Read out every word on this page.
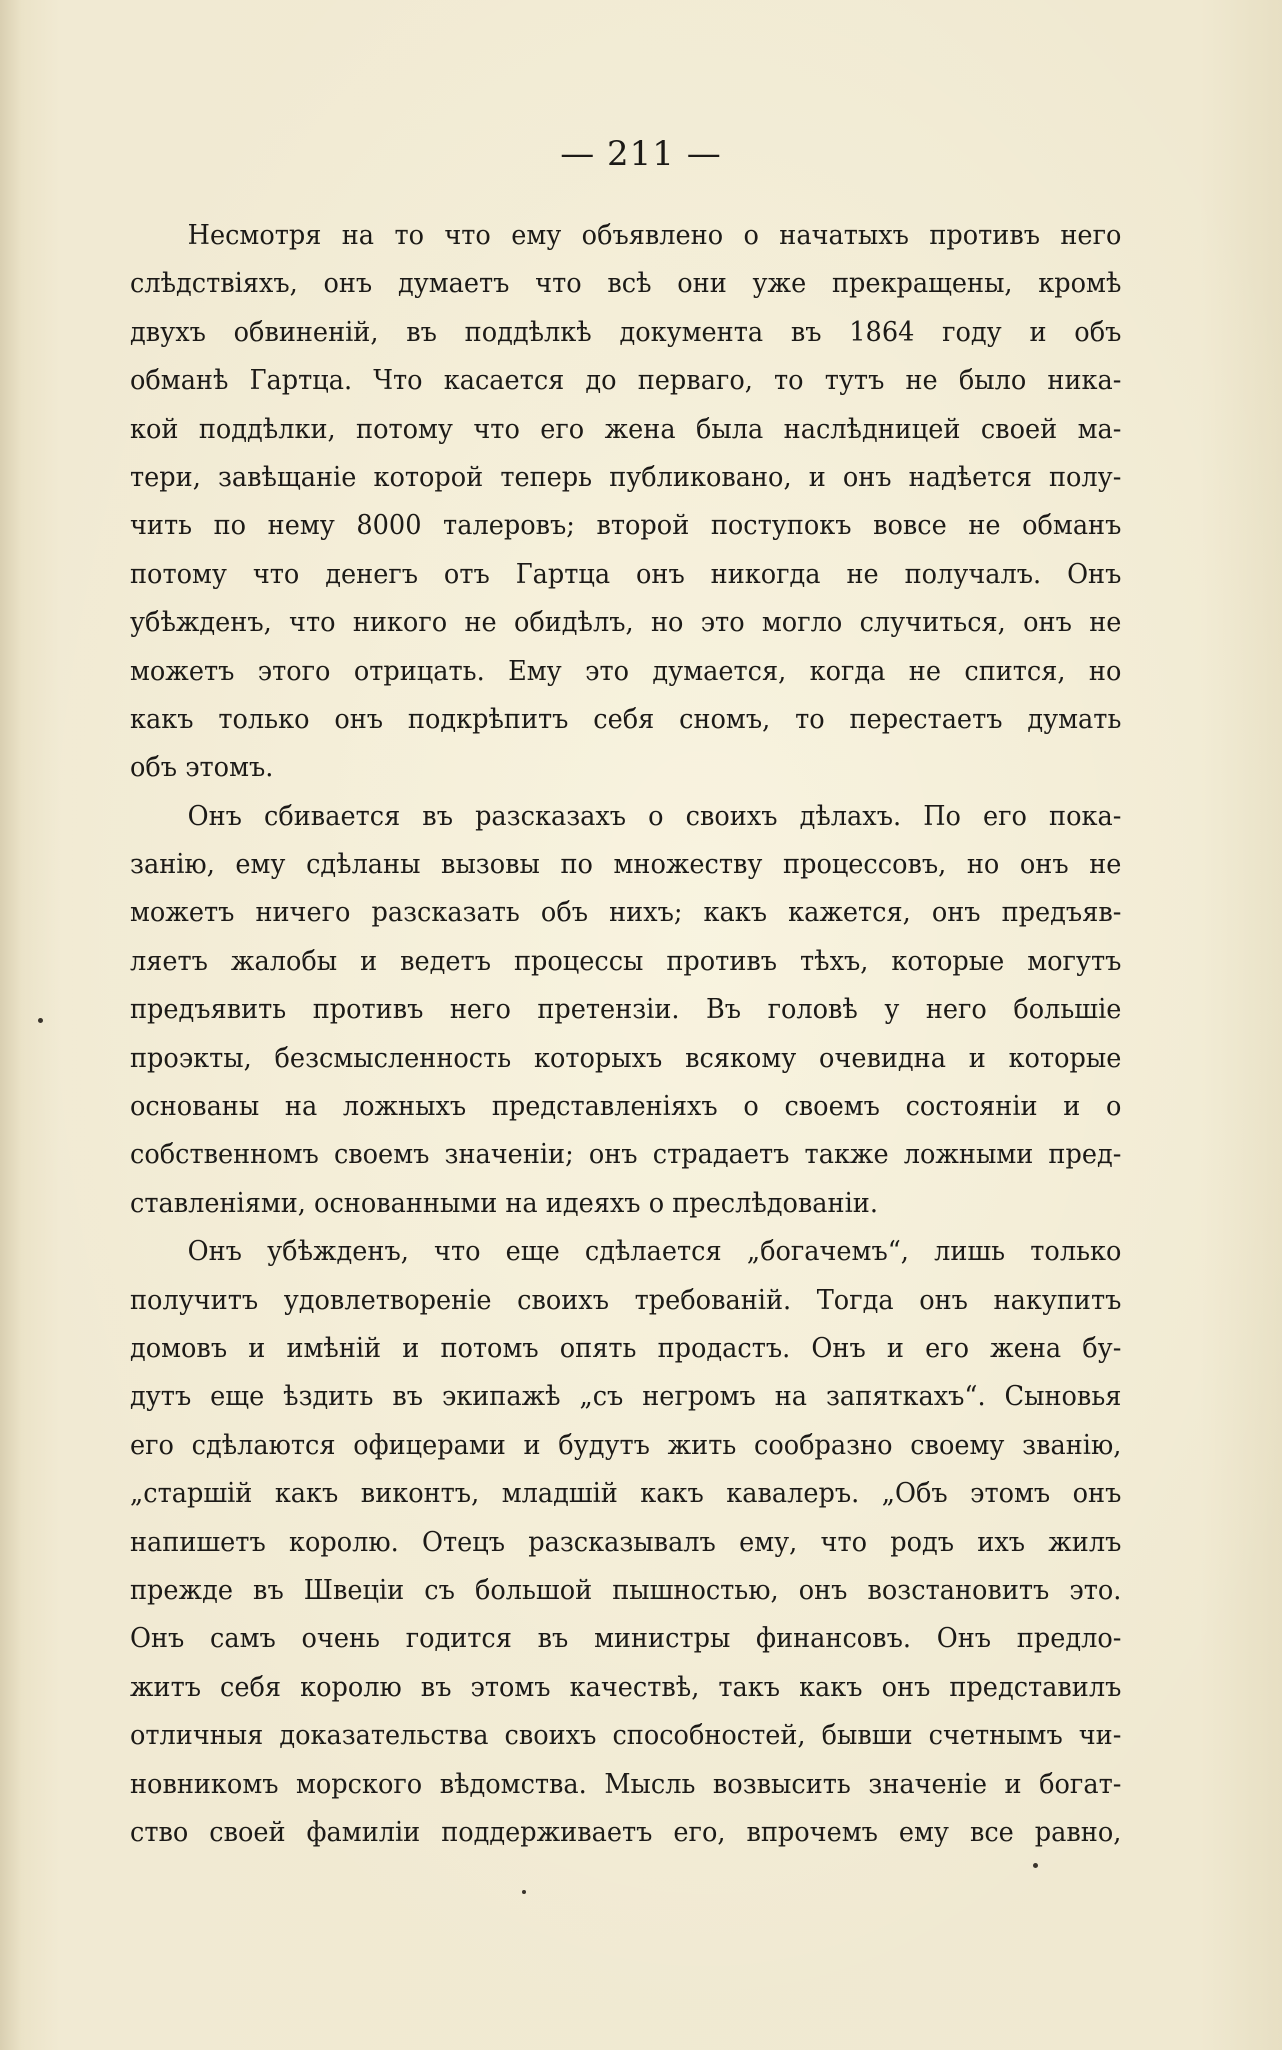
— 211 —
Несмотря на то что ему объявлено о начатыхъ противъ него
слѣдствіяхъ, онъ думаетъ что всѣ они уже прекращены, кромѣ
двухъ обвиненій, въ поддѣлкѣ документа въ 1864 году и объ
обманѣ Гартца. Что касается до перваго, то тутъ не было ника-
кой поддѣлки, потому что его жена была наслѣдницей своей ма-
тери, завѣщаніе которой теперь публиковано, и онъ надѣется полу-
чить по нему 8000 талеровъ; второй поступокъ вовсе не обманъ
потому что денегъ отъ Гартца онъ никогда не получалъ. Онъ
убѣжденъ, что никого не обидѣлъ, но это могло случиться, онъ не
можетъ этого отрицать. Ему это думается, когда не спится, но
какъ только онъ подкрѣпитъ себя сномъ, то перестаетъ думать
объ этомъ.
Онъ сбивается въ разсказахъ о своихъ дѣлахъ. По его пока-
занію, ему сдѣланы вызовы по множеству процессовъ, но онъ не
можетъ ничего разсказать объ нихъ; какъ кажется, онъ предъяв-
ляетъ жалобы и ведетъ процессы противъ тѣхъ, которые могутъ
предъявить противъ него претензіи. Въ головѣ у него большіе
проэкты, безсмысленность которыхъ всякому очевидна и которые
основаны на ложныхъ представленіяхъ о своемъ состояніи и о
собственномъ своемъ значеніи; онъ страдаетъ также ложными пред-
ставленіями, основанными на идеяхъ о преслѣдованіи.
Онъ убѣжденъ, что еще сдѣлается „богачемъ“, лишь только
получитъ удовлетвореніе своихъ требованій. Тогда онъ накупитъ
домовъ и имѣній и потомъ опять продастъ. Онъ и его жена бу-
дутъ еще ѣздить въ экипажѣ „съ негромъ на запяткахъ“. Сыновья
его сдѣлаются офицерами и будутъ жить сообразно своему званію,
„старшій какъ виконтъ, младшій какъ кавалеръ. „Объ этомъ онъ
напишетъ королю. Отецъ разсказывалъ ему, что родъ ихъ жилъ
прежде въ Швеціи съ большой пышностью, онъ возстановитъ это.
Онъ самъ очень годится въ министры финансовъ. Онъ предло-
житъ себя королю въ этомъ качествѣ, такъ какъ онъ представилъ
отличныя доказательства своихъ способностей, бывши счетнымъ чи-
новникомъ морского вѣдомства. Мысль возвысить значеніе и богат-
ство своей фамиліи поддерживаетъ его, впрочемъ ему все равно,
